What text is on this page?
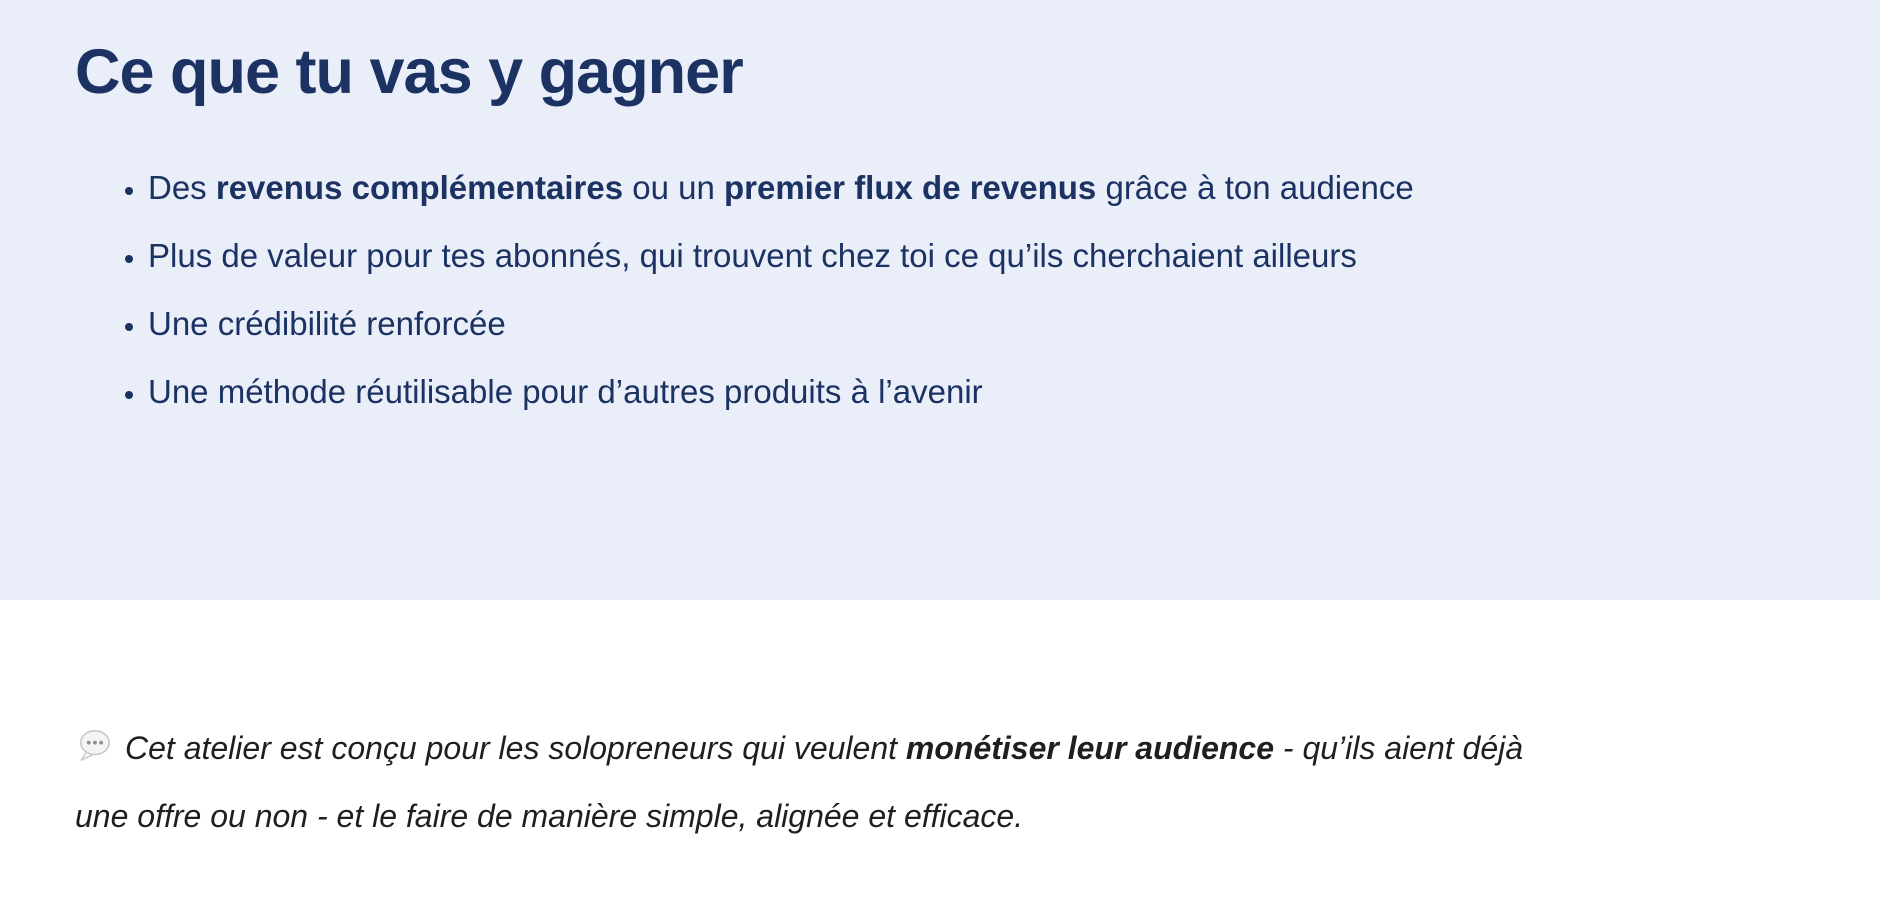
Ce que tu vas y gagner
• Des revenus complémentaires ou un premier flux de revenus grâce à ton audience
• Plus de valeur pour tes abonnés, qui trouvent chez toi ce qu’ils cherchaient ailleurs
• Une crédibilité renforcée
• Une méthode réutilisable pour d’autres produits à l’avenir

Cet atelier est conçu pour les solopreneurs qui veulent monétiser leur audience - qu’ils aient déjà
une offre ou non - et le faire de manière simple, alignée et efficace.
